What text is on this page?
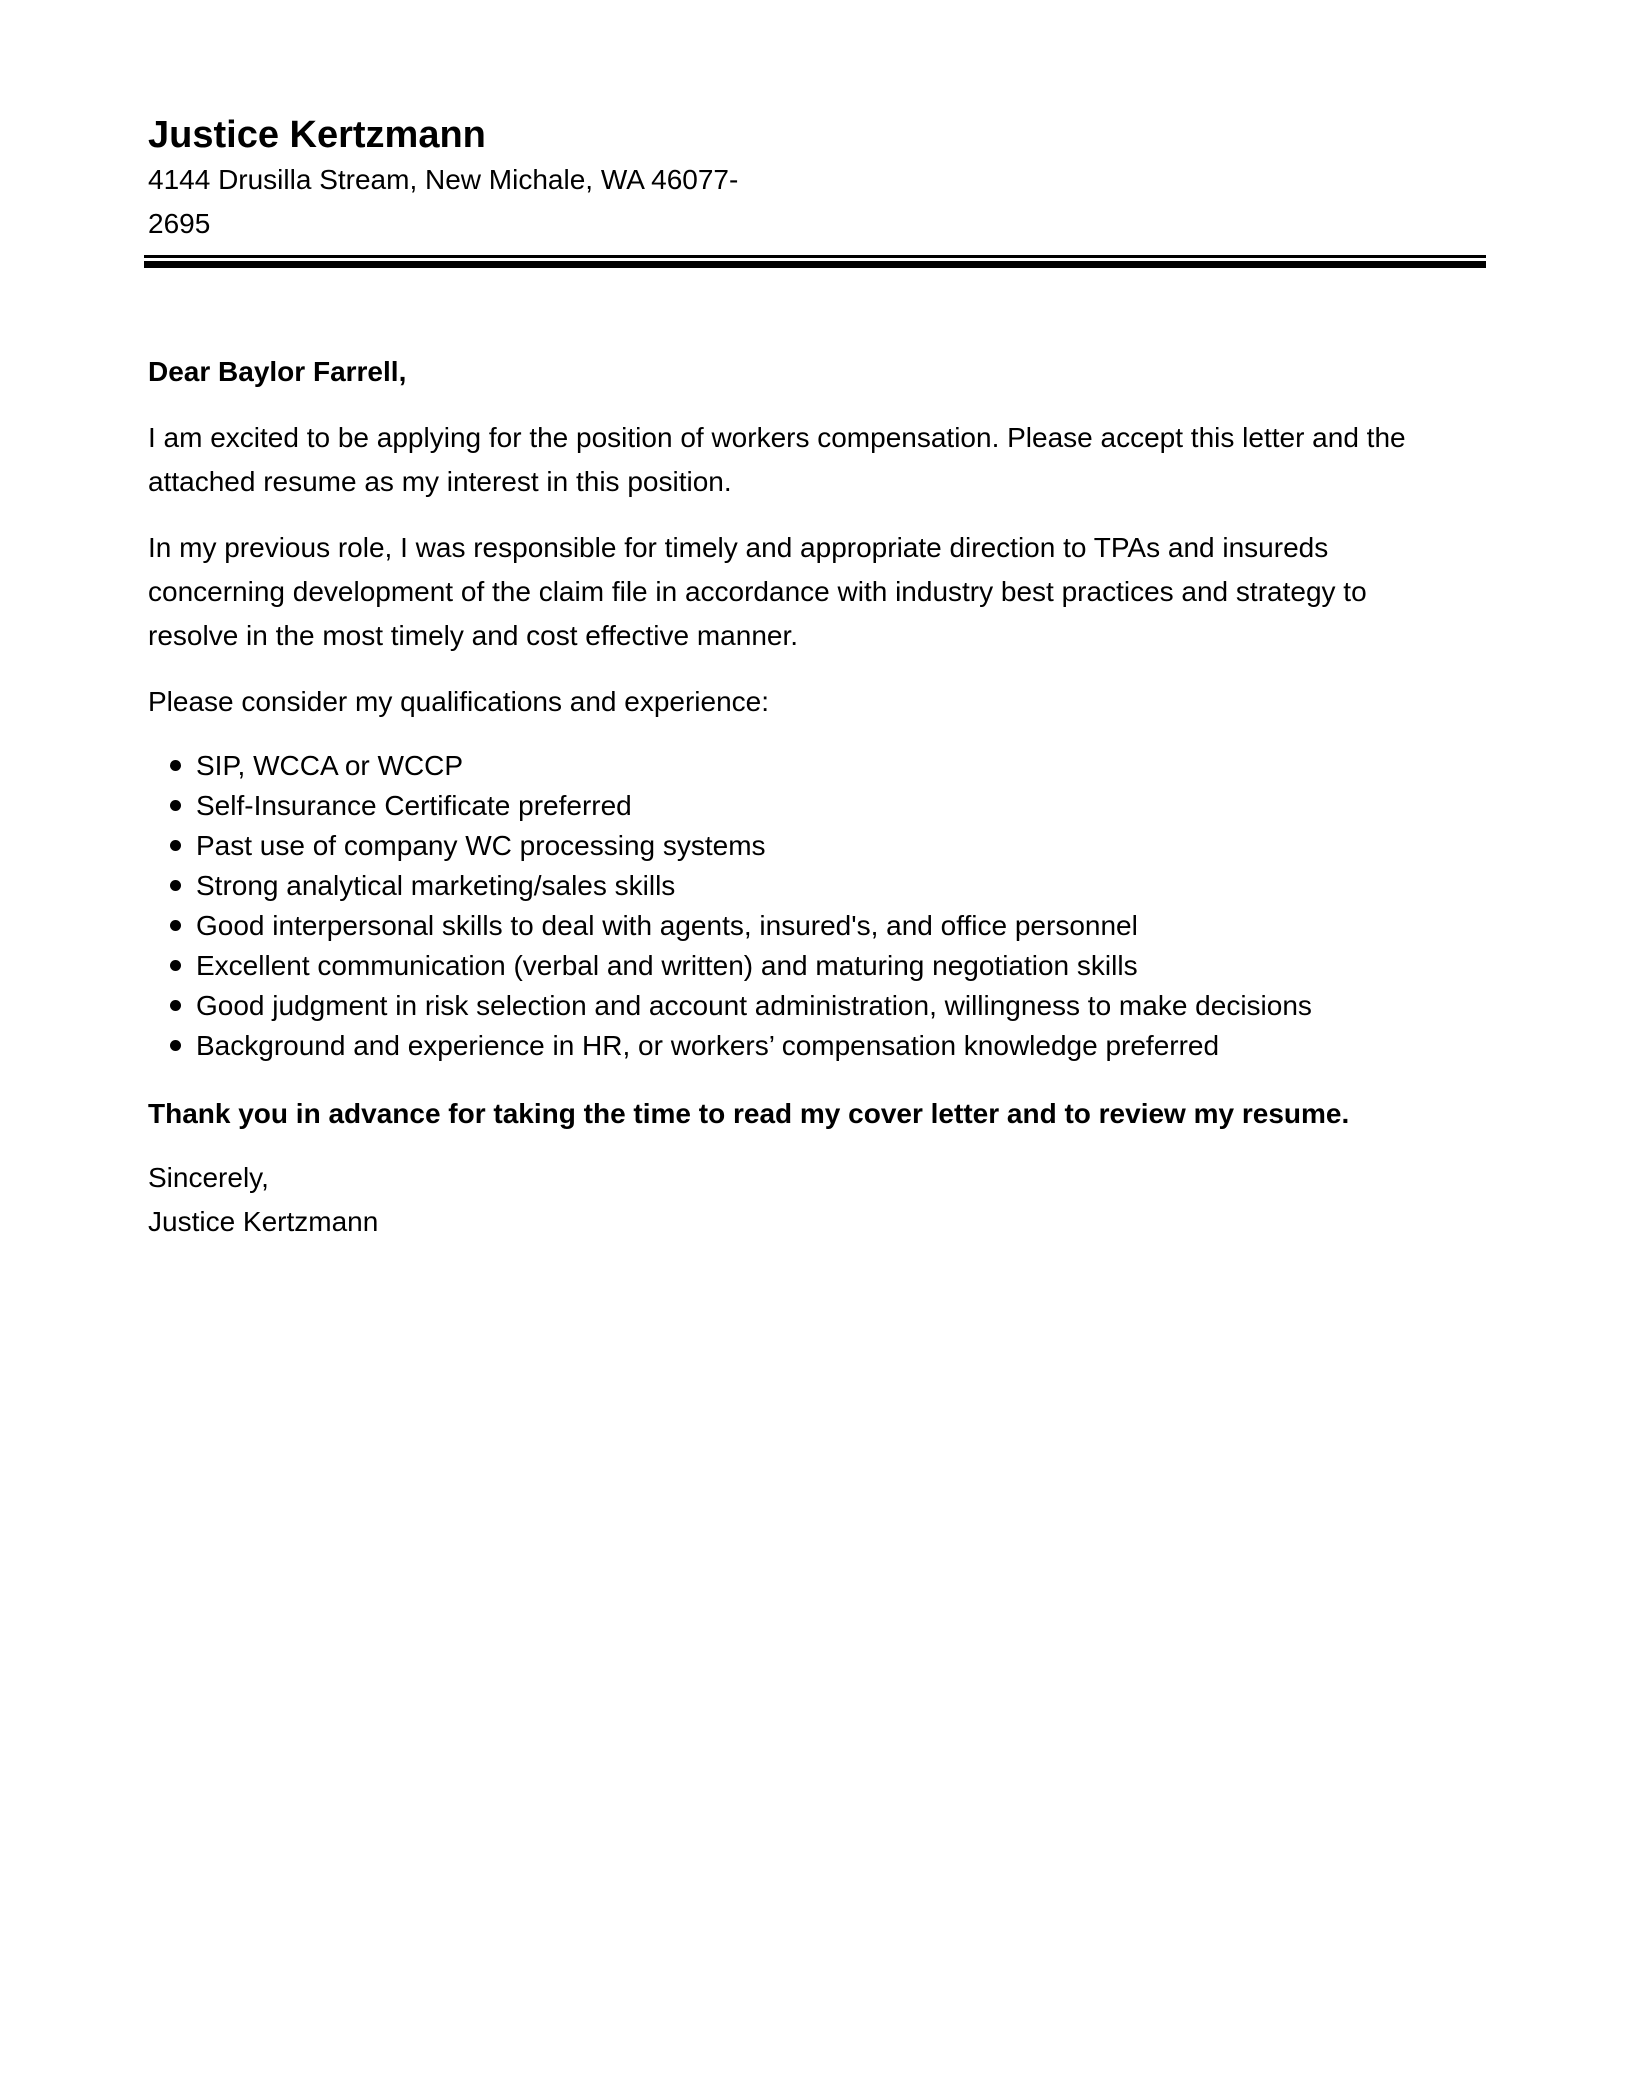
Justice Kertzmann
4144 Drusilla Stream, New Michale, WA 46077-2695

Dear Baylor Farrell,

I am excited to be applying for the position of workers compensation. Please accept this letter and the attached resume as my interest in this position.

In my previous role, I was responsible for timely and appropriate direction to TPAs and insureds concerning development of the claim file in accordance with industry best practices and strategy to resolve in the most timely and cost effective manner.

Please consider my qualifications and experience:

SIP, WCCA or WCCP
Self-Insurance Certificate preferred
Past use of company WC processing systems
Strong analytical marketing/sales skills
Good interpersonal skills to deal with agents, insured's, and office personnel
Excellent communication (verbal and written) and maturing negotiation skills
Good judgment in risk selection and account administration, willingness to make decisions
Background and experience in HR, or workers’ compensation knowledge preferred

Thank you in advance for taking the time to read my cover letter and to review my resume.

Sincerely,

Justice Kertzmann
